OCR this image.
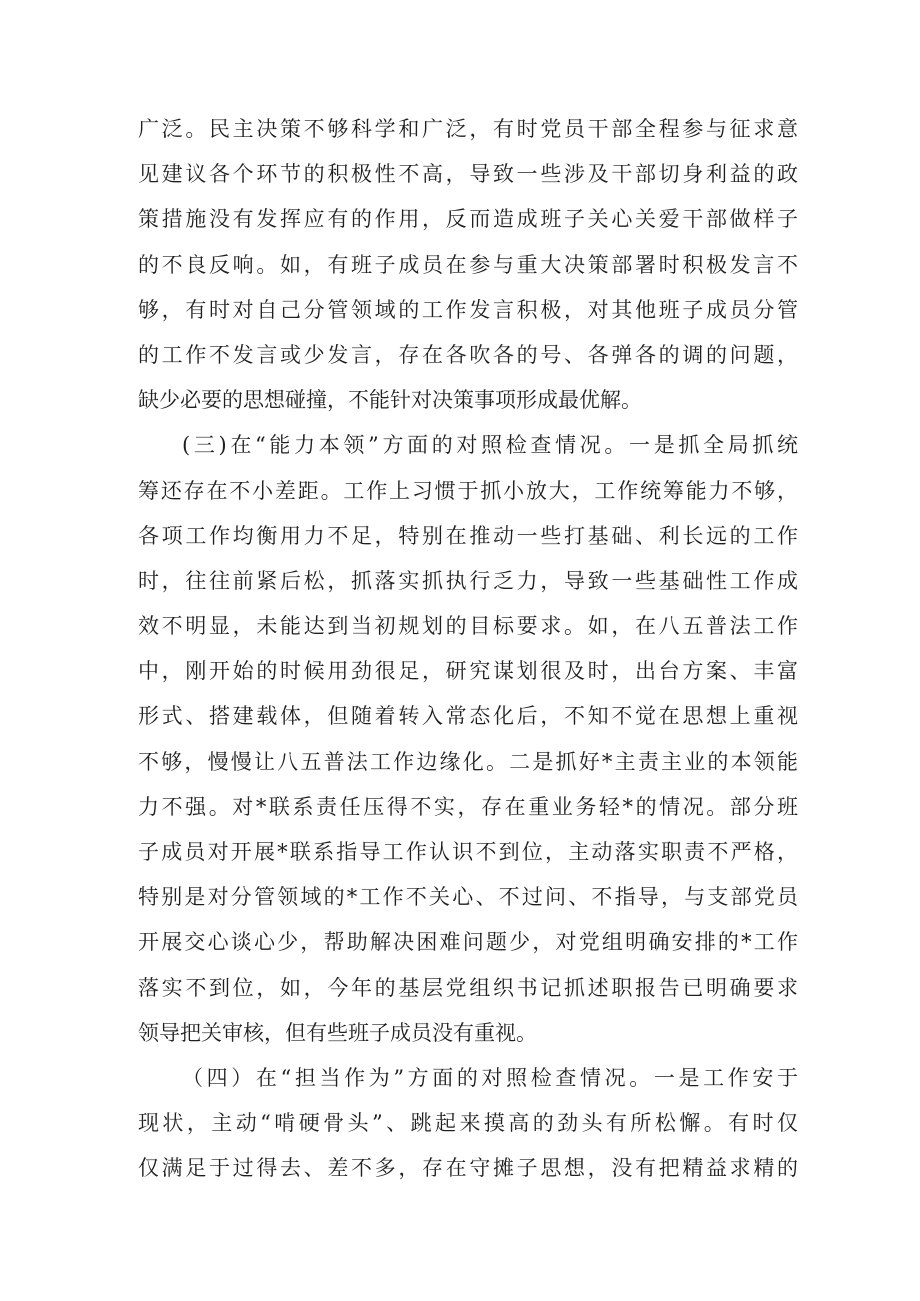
广泛。民主决策不够科学和广泛，有时党员干部全程参与征求意
见建议各个环节的积极性不高，导致一些涉及干部切身利益的政
策措施没有发挥应有的作用，反而造成班子关心关爱干部做样子
的不良反响。如，有班子成员在参与重大决策部署时积极发言不
够，有时对自己分管领域的工作发言积极，对其他班子成员分管
的工作不发言或少发言，存在各吹各的号、各弹各的调的问题，
缺少必要的思想碰撞，不能针对决策事项形成最优解。
(三)在“能力本领”方面的对照检查情况。一是抓全局抓统
筹还存在不小差距。工作上习惯于抓小放大，工作统筹能力不够，
各项工作均衡用力不足，特别在推动一些打基础、利长远的工作
时，往往前紧后松，抓落实抓执行乏力，导致一些基础性工作成
效不明显，未能达到当初规划的目标要求。如，在八五普法工作
中，刚开始的时候用劲很足，研究谋划很及时，出台方案、丰富
形式、搭建载体，但随着转入常态化后，不知不觉在思想上重视
不够，慢慢让八五普法工作边缘化。二是抓好*主责主业的本领能
力不强。对*联系责任压得不实，存在重业务轻*的情况。部分班
子成员对开展*联系指导工作认识不到位，主动落实职责不严格，
特别是对分管领域的*工作不关心、不过问、不指导，与支部党员
开展交心谈心少，帮助解决困难问题少，对党组明确安排的*工作
落实不到位，如，今年的基层党组织书记抓述职报告已明确要求
领导把关审核，但有些班子成员没有重视。
（四）在“担当作为”方面的对照检查情况。一是工作安于
现状，主动“啃硬骨头”、跳起来摸高的劲头有所松懈。有时仅
仅满足于过得去、差不多，存在守摊子思想，没有把精益求精的
